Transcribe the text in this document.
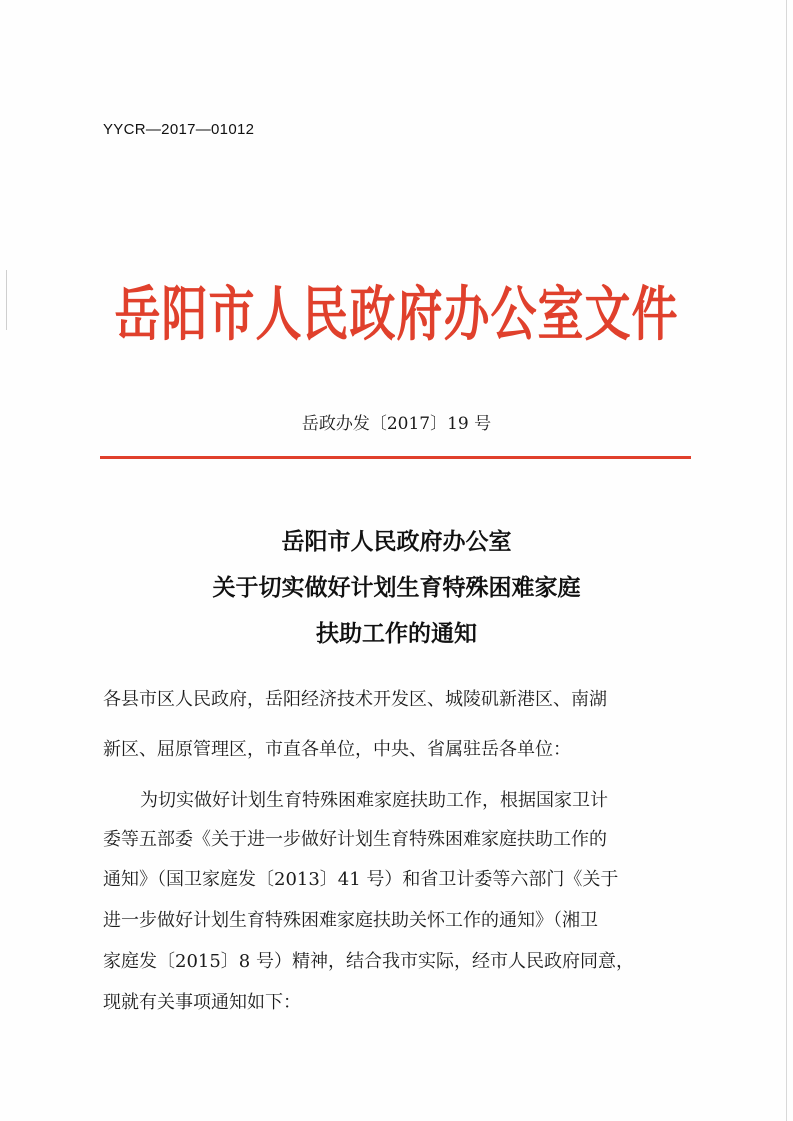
YYCR—2017—01012
岳阳市人民政府办公室文件
岳政办发〔2017〕19 号
岳阳市人民政府办公室
关于切实做好计划生育特殊困难家庭
扶助工作的通知
各县市区人民政府，岳阳经济技术开发区、城陵矶新港区、南湖
新区、屈原管理区，市直各单位，中央、省属驻岳各单位：
为切实做好计划生育特殊困难家庭扶助工作，根据国家卫计
委等五部委《关于进一步做好计划生育特殊困难家庭扶助工作的
通知》（国卫家庭发〔2013〕41 号）和省卫计委等六部门《关于
进一步做好计划生育特殊困难家庭扶助关怀工作的通知》（湘卫
家庭发〔2015〕8 号）精神，结合我市实际，经市人民政府同意，
现就有关事项通知如下：
